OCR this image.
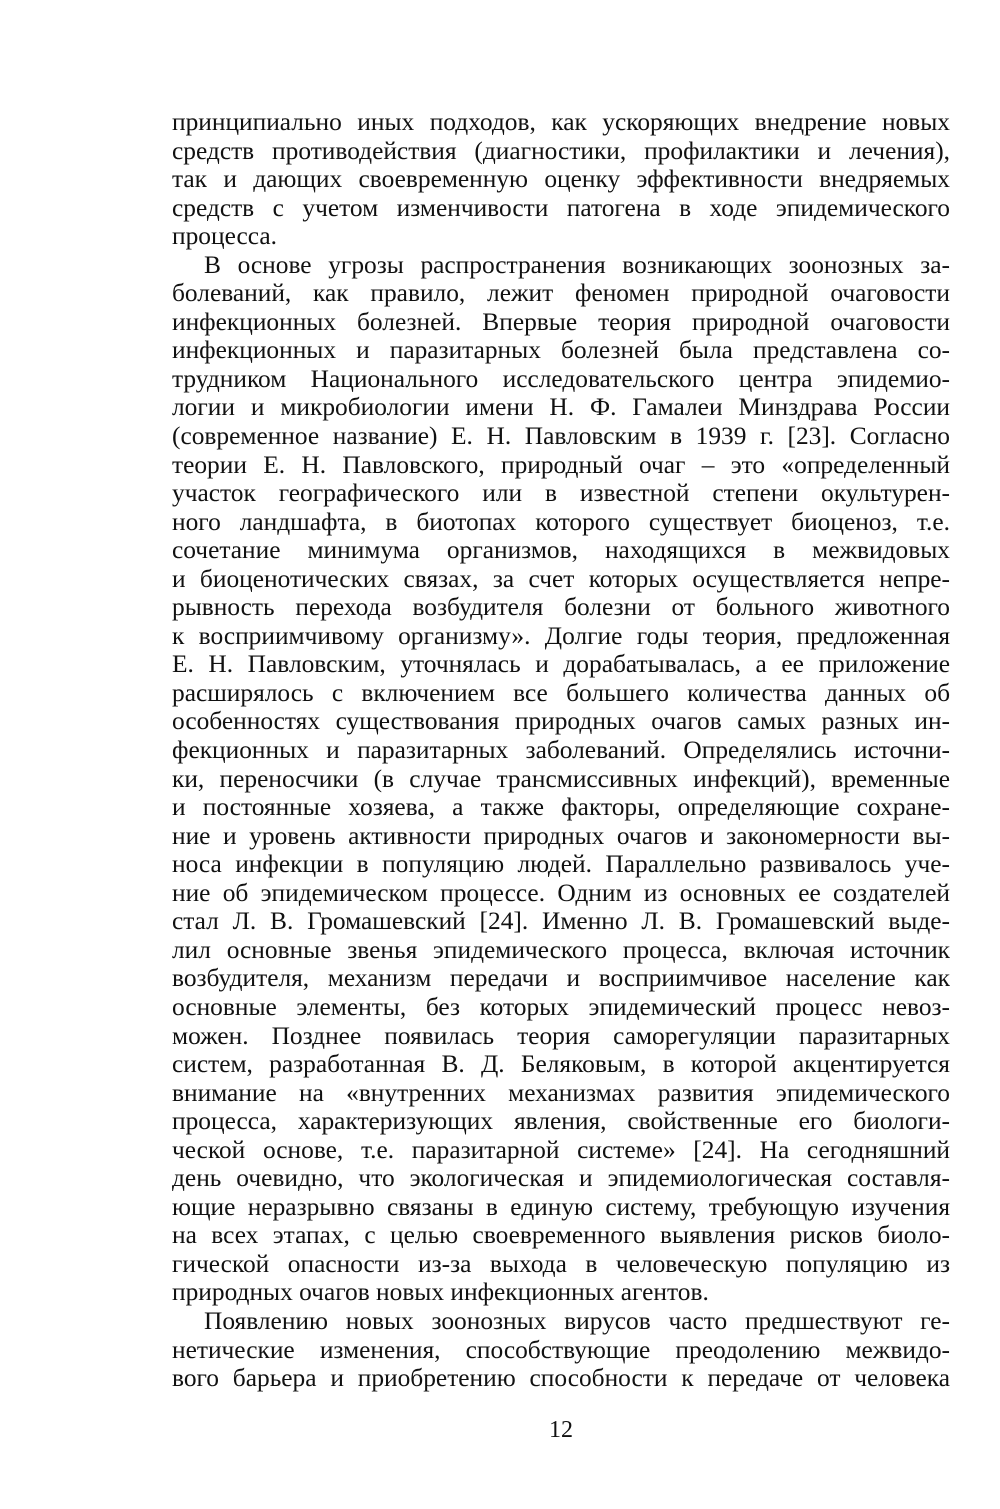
принципиально иных подходов, как ускоряющих внедрение новых
средств противодействия (диагностики, профилактики и лечения),
так и дающих своевременную оценку эффективности внедряемых
средств с учетом изменчивости патогена в ходе эпидемического
процесса.
В основе угрозы распространения возникающих зоонозных за-
болеваний, как правило, лежит феномен природной очаговости
инфекционных болезней. Впервые теория природной очаговости
инфекционных и паразитарных болезней была представлена со-
трудником Национального исследовательского центра эпидемио-
логии и микробиологии имени Н. Ф. Гамалеи Минздрава России
(современное название) Е. Н. Павловским в 1939 г. [23]. Согласно
теории Е. Н. Павловского, природный очаг – это «определенный
участок географического или в известной степени окультурен-
ного ландшафта, в биотопах которого существует биоценоз, т.е.
сочетание минимума организмов, находящихся в межвидовых
и биоценотических связах, за счет которых осуществляется непре-
рывность перехода возбудителя болезни от больного животного
к восприимчивому организму». Долгие годы теория, предложенная
Е. Н. Павловским, уточнялась и дорабатывалась, а ее приложение
расширялось с включением все большего количества данных об
особенностях существования природных очагов самых разных ин-
фекционных и паразитарных заболеваний. Определялись источни-
ки, переносчики (в случае трансмиссивных инфекций), временные
и постоянные хозяева, а также факторы, определяющие сохране-
ние и уровень активности природных очагов и закономерности вы-
носа инфекции в популяцию людей. Параллельно развивалось уче-
ние об эпидемическом процессе. Одним из основных ее создателей
стал Л. В. Громашевский [24]. Именно Л. В. Громашевский выде-
лил основные звенья эпидемического процесса, включая источник
возбудителя, механизм передачи и восприимчивое население как
основные элементы, без которых эпидемический процесс невоз-
можен. Позднее появилась теория саморегуляции паразитарных
систем, разработанная В. Д. Беляковым, в которой акцентируется
внимание на «внутренних механизмах развития эпидемического
процесса, характеризующих явления, свойственные его биологи-
ческой основе, т.е. паразитарной системе» [24]. На сегодняшний
день очевидно, что экологическая и эпидемиологическая составля-
ющие неразрывно связаны в единую систему, требующую изучения
на всех этапах, с целью своевременного выявления рисков биоло-
гической опасности из-за выхода в человеческую популяцию из
природных очагов новых инфекционных агентов.
Появлению новых зоонозных вирусов часто предшествуют ге-
нетические изменения, способствующие преодолению межвидо-
вого барьера и приобретению способности к передаче от человека
12
